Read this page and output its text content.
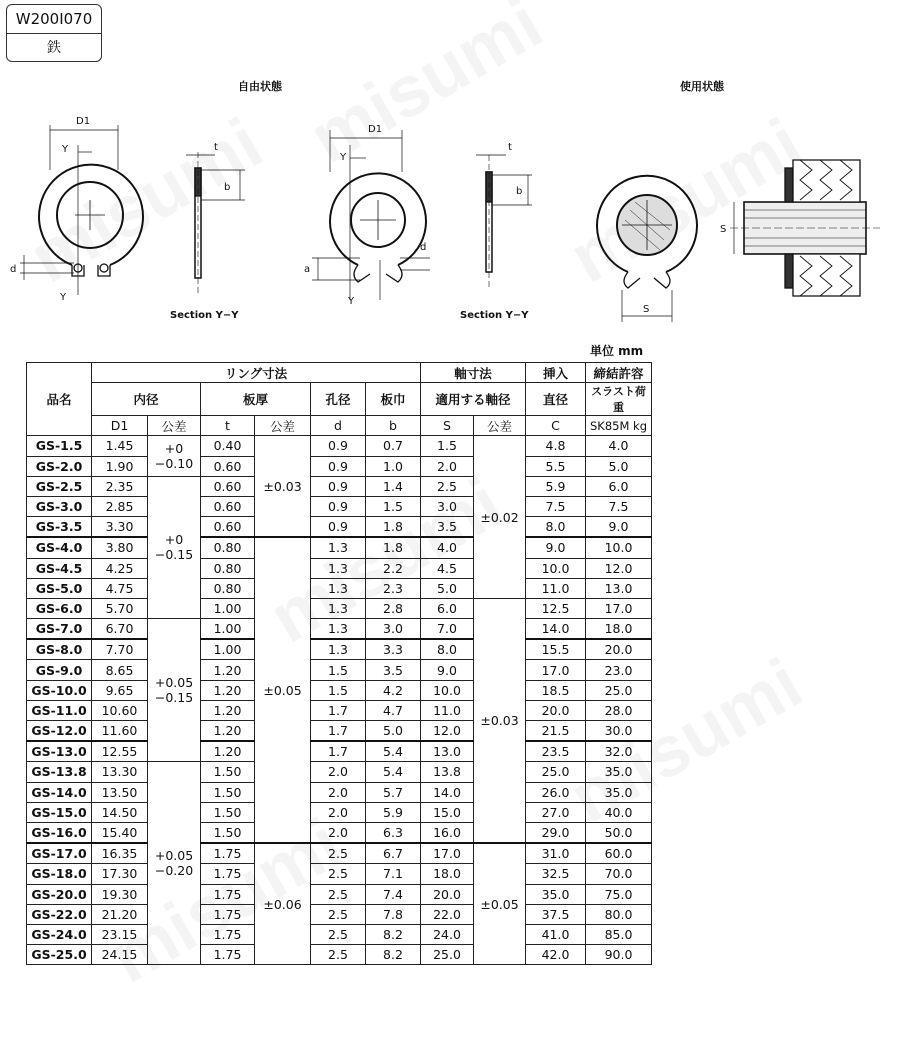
W200I070
鉄
自由状態	使用状態
Section Y−Y	Section Y−Y
D1
Y
Y
d
t
b
D1
Y
Y
a
d
t
b
S
S
単位 mm
品名	リング寸法						軸寸法		挿入	締結許容
	内径		板厚		孔径	板巾	適用する軸径		直径	スラスト荷重
	D1	公差	t	公差	d	b	S	公差	C	SK85M kg
GS-1.5	1.45	+0
−0.10	0.40	±0.03	0.9	0.7	1.5	±0.02	4.8	4.0
GS-2.0	1.90		0.60		0.9	1.0	2.0		5.5	5.0
GS-2.5	2.35	+0
−0.15	0.60		0.9	1.4	2.5		5.9	6.0
GS-3.0	2.85		0.60		0.9	1.5	3.0		7.5	7.5
GS-3.5	3.30		0.60		0.9	1.8	3.5		8.0	9.0
GS-4.0	3.80		0.80	±0.05	1.3	1.8	4.0		9.0	10.0
GS-4.5	4.25		0.80		1.3	2.2	4.5		10.0	12.0
GS-5.0	4.75		0.80		1.3	2.3	5.0		11.0	13.0
GS-6.0	5.70		1.00		1.3	2.8	6.0	±0.03	12.5	17.0
GS-7.0	6.70	+0.05
−0.15	1.00		1.3	3.0	7.0		14.0	18.0
GS-8.0	7.70		1.00		1.3	3.3	8.0		15.5	20.0
GS-9.0	8.65		1.20		1.5	3.5	9.0		17.0	23.0
GS-10.0	9.65		1.20		1.5	4.2	10.0		18.5	25.0
GS-11.0	10.60		1.20		1.7	4.7	11.0		20.0	28.0
GS-12.0	11.60		1.20		1.7	5.0	12.0		21.5	30.0
GS-13.0	12.55		1.20		1.7	5.4	13.0		23.5	32.0
GS-13.8	13.30	+0.05
−0.20	1.50		2.0	5.4	13.8		25.0	35.0
GS-14.0	13.50		1.50		2.0	5.7	14.0		26.0	35.0
GS-15.0	14.50		1.50		2.0	5.9	15.0		27.0	40.0
GS-16.0	15.40		1.50		2.0	6.3	16.0		29.0	50.0
GS-17.0	16.35		1.75	±0.06	2.5	6.7	17.0	±0.05	31.0	60.0
GS-18.0	17.30		1.75		2.5	7.1	18.0		32.5	70.0
GS-20.0	19.30		1.75		2.5	7.4	20.0		35.0	75.0
GS-22.0	21.20		1.75		2.5	7.8	22.0		37.5	80.0
GS-24.0	23.15		1.75		2.5	8.2	24.0		41.0	85.0
GS-25.0	24.15		1.75		2.5	8.2	25.0		42.0	90.0
